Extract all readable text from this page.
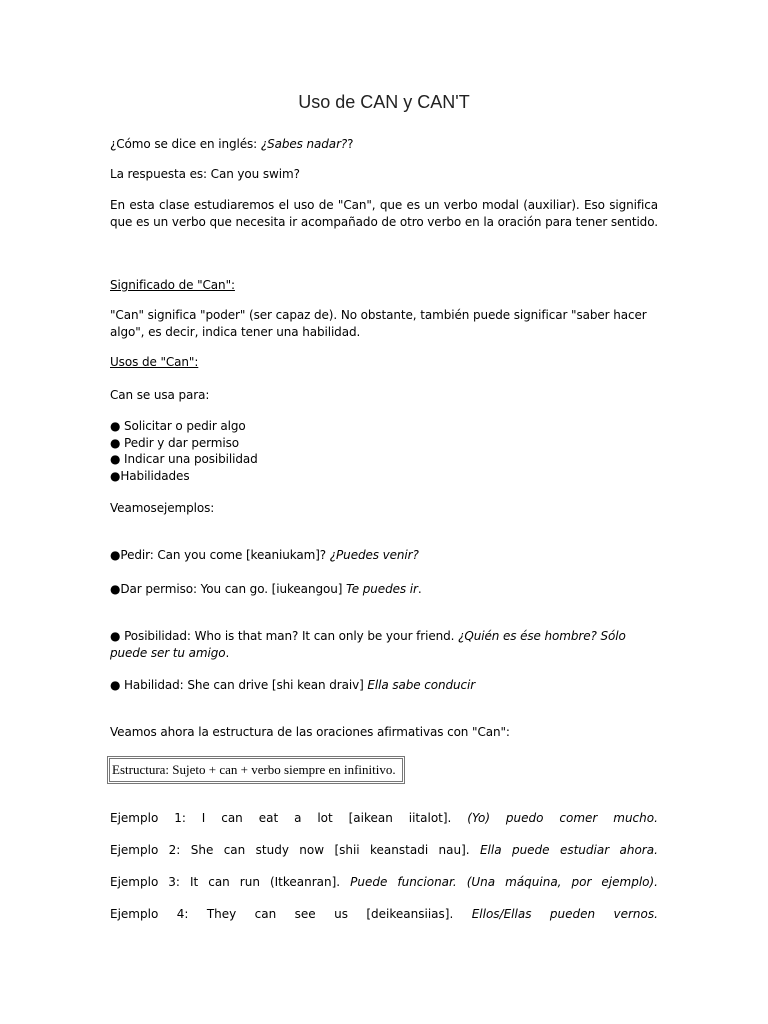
Uso de CAN y CAN'T
¿Cómo se dice en inglés: ¿Sabes nadar??
La respuesta es: Can you swim?
En esta clase estudiaremos el uso de "Can", que es un verbo modal (auxiliar). Eso significa que es un verbo que necesita ir acompañado de otro verbo en la oración para tener sentido.
Significado de "Can":
"Can" significa "poder" (ser capaz de). No obstante, también puede significar "saber hacer algo", es decir, indica tener una habilidad.
Usos de "Can":
Can se usa para:
● Solicitar o pedir algo
● Pedir y dar permiso
● Indicar una posibilidad
●Habilidades
Veamosejemplos:
●Pedir: Can you come [keaniukam]? ¿Puedes venir?
●Dar permiso: You can go. [iukeangou] Te puedes ir.
● Posibilidad: Who is that man? It can only be your friend. ¿Quién es ése hombre? Sólo puede ser tu amigo.
● Habilidad: She can drive [shi kean draiv] Ella sabe conducir
Veamos ahora la estructura de las oraciones afirmativas con "Can":
Estructura: Sujeto + can + verbo siempre en infinitivo.
Ejemplo 1: I can eat a lot [aikean iitalot]. (Yo) puedo comer mucho.
Ejemplo 2: She can study now [shii keanstadi nau]. Ella puede estudiar ahora.
Ejemplo 3: It can run (Itkeanran]. Puede funcionar. (Una máquina, por ejemplo).
Ejemplo 4: They can see us [deikeansiias]. Ellos/Ellas pueden vernos.
